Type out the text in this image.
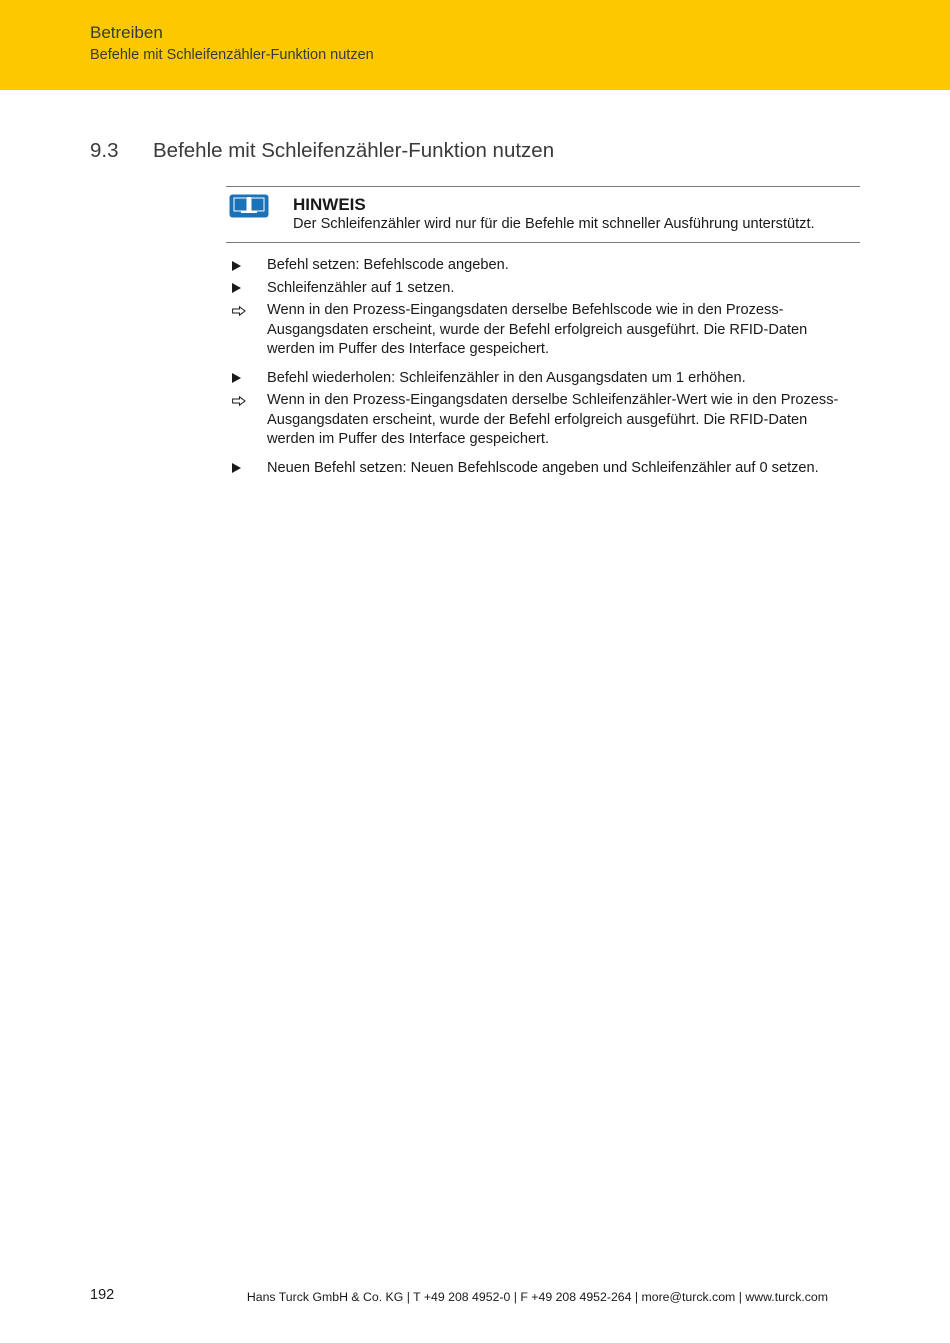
Betreiben
Befehle mit Schleifenzähler-Funktion nutzen
9.3 Befehle mit Schleifenzähler-Funktion nutzen
HINWEIS
Der Schleifenzähler wird nur für die Befehle mit schneller Ausführung unterstützt.
Befehl setzen: Befehlscode angeben.
Schleifenzähler auf 1 setzen.
Wenn in den Prozess-Eingangsdaten derselbe Befehlscode wie in den Prozess-Ausgangsdaten erscheint, wurde der Befehl erfolgreich ausgeführt. Die RFID-Daten werden im Puffer des Interface gespeichert.
Befehl wiederholen: Schleifenzähler in den Ausgangsdaten um 1 erhöhen.
Wenn in den Prozess-Eingangsdaten derselbe Schleifenzähler-Wert wie in den Prozess-Ausgangsdaten erscheint, wurde der Befehl erfolgreich ausgeführt. Die RFID-Daten werden im Puffer des Interface gespeichert.
Neuen Befehl setzen: Neuen Befehlscode angeben und Schleifenzähler auf 0 setzen.
192	Hans Turck GmbH & Co. KG | T +49 208 4952-0 | F +49 208 4952-264 | more@turck.com | www.turck.com
